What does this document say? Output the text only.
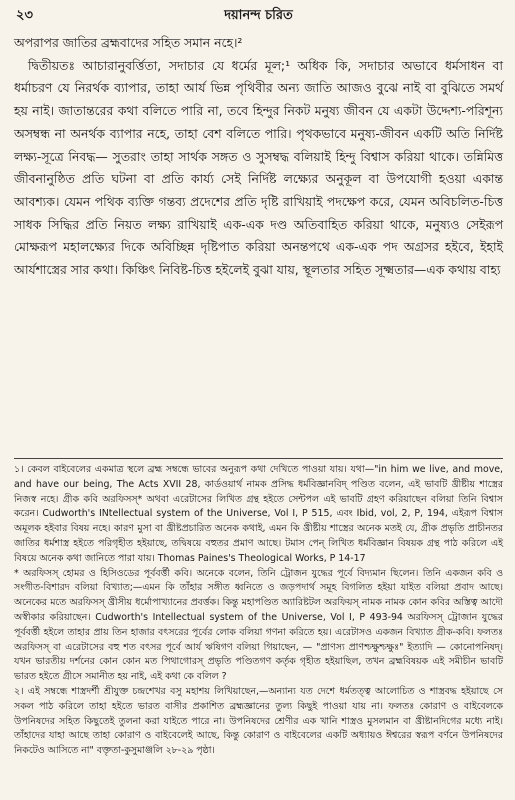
২৩	দয়ানন্দ চরিত

অপরাপর জাতির ব্রহ্মবাদের সহিত সমান নহে।²

দ্বিতীয়তঃ আচারানুবর্ত্তিতা, সদাচার যে ধর্মের মূল;¹ অধিক কি, সদাচার অভাবে ধর্মসাধন বা ধর্মাচরণ যে নিরর্থক ব্যাপার, তাহা আর্য ভিন্ন পৃথিবীর অন্য জাতি আজও বুঝে নাই বা বুঝিতে সমর্থ হয় নাই। জাতান্তরের কথা বলিতে পারি না, তবে হিন্দুর নিকট মনুষ্য জীবন যে একটা উদ্দেশ্য-পরিশূন্য অসম্বন্ধ না অনর্থক ব্যাপার নহে, তাহা বেশ বলিতে পারি। পৃথকভাবে মনুষ্য-জীবন একটি অতি নির্দিষ্ট লক্ষ্য-সূত্রে নিবদ্ধ— সুতরাং তাহা সার্থক সঙ্গত ও সুসম্বদ্ধ বলিয়াই হিন্দু বিশ্বাস করিয়া থাকে। তন্নিমিত্ত জীবনানুষ্ঠিত প্রতি ঘটনা বা প্রতি কার্য্য সেই নির্দিষ্ট লক্ষ্যের অনুকূল বা উপযোগী হওয়া একান্ত আবশ্যক। যেমন পথিক ব্যক্তি গন্তব্য প্রদেশের প্রতি দৃষ্টি রাখিয়াই পদক্ষেপ করে, যেমন অবিচলিত-চিত্ত সাধক সিদ্ধির প্রতি নিয়ত লক্ষ্য রাখিয়াই এক-এক দণ্ড অতিবাহিত করিয়া থাকে, মনুষ্যও সেইরূপ মোক্ষরূপ মহালক্ষ্যের দিকে অবিচ্ছিন্ন দৃষ্টিপাত করিয়া অনন্তপথে এক-এক পদ অগ্রসর হইবে, ইহাই আর্যশাস্ত্রের সার কথা। কিঞ্চিৎ নিবিষ্ট-চিত্ত হইলেই বুঝা যায়, স্থূলতার সহিত সূক্ষ্মতার—এক কথায় বাহ্য

১। কেবল বাইবেলের একমাত্র স্থলে ব্রহ্ম সম্বন্ধে ভাবের অনুরূপ কথা দেখিতে পাওয়া যায়। যথা—"in him we live, and move, and have our being, The Acts XVII 28, কার্ডওয়ার্থ নামক প্রসিদ্ধ ধর্মবিজ্ঞানবিদ্ পণ্ডিত বলেন, এই ভাবটি খ্রীষ্টীয় শাস্ত্রের নিজস্ব নহে। গ্রীক কবি অরফিসস্* অথবা এরেটাসের লিখিত গ্রন্থ হইতে সেন্টপল এই ভাবটি গ্রহণ করিয়াছেন বলিয়া তিনি বিশ্বাস করেন। Cudworth's INtellectual system of the Universe, Vol I, P 515, এবং Ibid, vol, 2, P, 194, এইরূপ বিশ্বাস অমূলক হইবার বিষয় নহে। কারণ মুসা বা খ্রীষ্টপ্রচারিত অনেক কথাই, এমন কি খ্রীষ্টীয় শাস্ত্রের অনেক মতই যে, গ্রীক প্রভৃতি প্রাচীনতর জাতির ধর্মশাস্ত্র হইতে পরিগৃহীত হইয়াছে, তদ্বিষয়ে বহুতর প্রমাণ আছে। টমাস পেন্ লিখিত ধর্মবিজ্ঞান বিষয়ক গ্রন্থ পাঠ করিলে এই বিষয়ে অনেক কথা জানিতে পারা যায়। Thomas Paines's Theological Works, P 14-17

* অরফিসস্ হোমর ও হিসিওডের পূর্ববর্ত্তী কবি। অনেকে বলেন, তিনি ট্রোজন যুদ্ধের পূর্বে বিদ্যমান ছিলেন। তিনি একজন কবি ও সংগীত-বিশারদ বলিয়া বিখ্যাত;—এমন কি তাঁহার সঙ্গীত ধ্বনিতে ও জড়পদার্থ সমূহ বিগলিত হইয়া যাইত বলিয়া প্রবাদ আছে। অনেকের মতে অরফিসস্ খ্রীসীয় ধর্মোপাখ্যানের প্রবর্ত্তক। কিন্তু মহাপণ্ডিত অ্যারিষ্টটল অরফিয়স্ নামক নামক কোন কবির অস্তিত্ব আদৌ অস্বীকার করিয়াছেন। Cudworth's Intellectual system of the Universe, Vol I, P 493-94 অরফিসস্ ট্রোজান যুদ্ধের পূর্ববর্ত্তী হইলে তাহার প্রায় তিন হাজার বৎসরের পূর্বের লোক বলিয়া গণনা করিতে হয়। এরেটাসও একজন বিখ্যাত গ্রীক-কবি। ফলতঃ অরফিসস্ বা এরেটাসের বহু শত বৎসর পূর্বে আর্য ঋষিগণ বলিয়া গিয়াছেন, — "প্রাণস্য প্রাণশ্চক্ষুশ্চক্ষুঃ" ইত্যাদি — কোনোপনিষদ্। যখন ভারতীয় দর্শনের কোন কোন মত পিথাগোরস্ প্রভৃতি পণ্ডিতগণ কর্তৃক গৃহীত হইয়াছিল, তখন ব্রহ্মবিষয়ক এই সমীচীন ভাবটি ভারত হইতে গ্রীসে সমানীত হয় নাই, এই কথা কে বলিল ?

২। এই সম্বন্ধে শাস্ত্রদর্শী শ্রীযুক্ত চন্দ্রশেখর বসু মহাশয় লিখিয়াছেন,—অন্যান্য যত দেশে ধর্মতত্ত্ব আলোচিত ও শাস্ত্রবদ্ধ হইয়াছে সে সকল পাঠ করিলে তাহা হইতে ভারত বাসীর প্রকাশিত ব্রহ্মজ্ঞানের তুল্য কিছুই পাওয়া যায় না। ফলতঃ কোরাণ ও বাইবেলকে উপনিষদের সহিত কিছুতেই তুলনা করা যাইতে পারে না। উপনিষদের শ্রেণীর এক খানি শাস্ত্রও মুসলমান বা খ্রীষ্টানদিগের মধ্যে নাই। তাঁহাদের যাহা আছে তাহা কোরাণ ও বাইবেলেই আছে, কিন্তু কোরাণ ও বাইবেলের একটি অধ্যায়ও ঈশ্বরের স্বরূপ বর্ণনে উপনিষদের নিকটেও আসিতে না" বক্তৃতা-কুসুমাঞ্জলি ২৮-২৯ পৃষ্ঠা।
